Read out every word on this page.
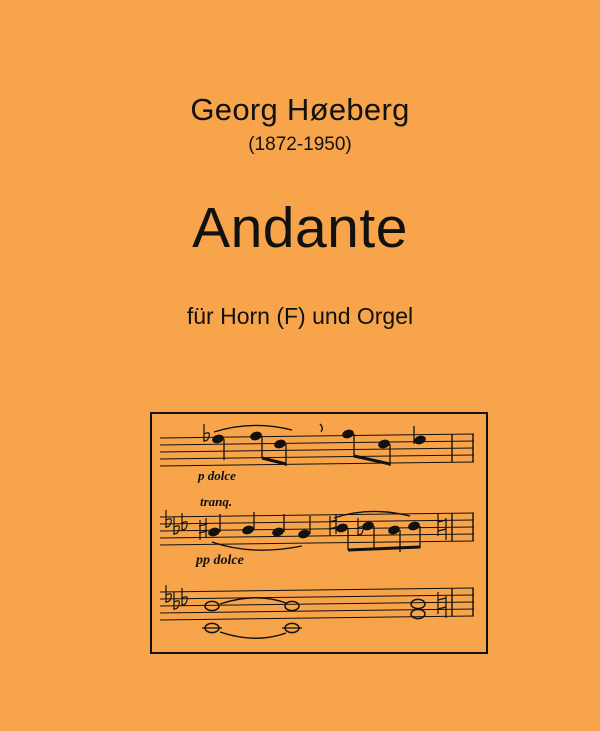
Georg Høeberg
(1872-1950)
Andante
für Horn (F) und Orgel
p dolce
tranq.
pp dolce
